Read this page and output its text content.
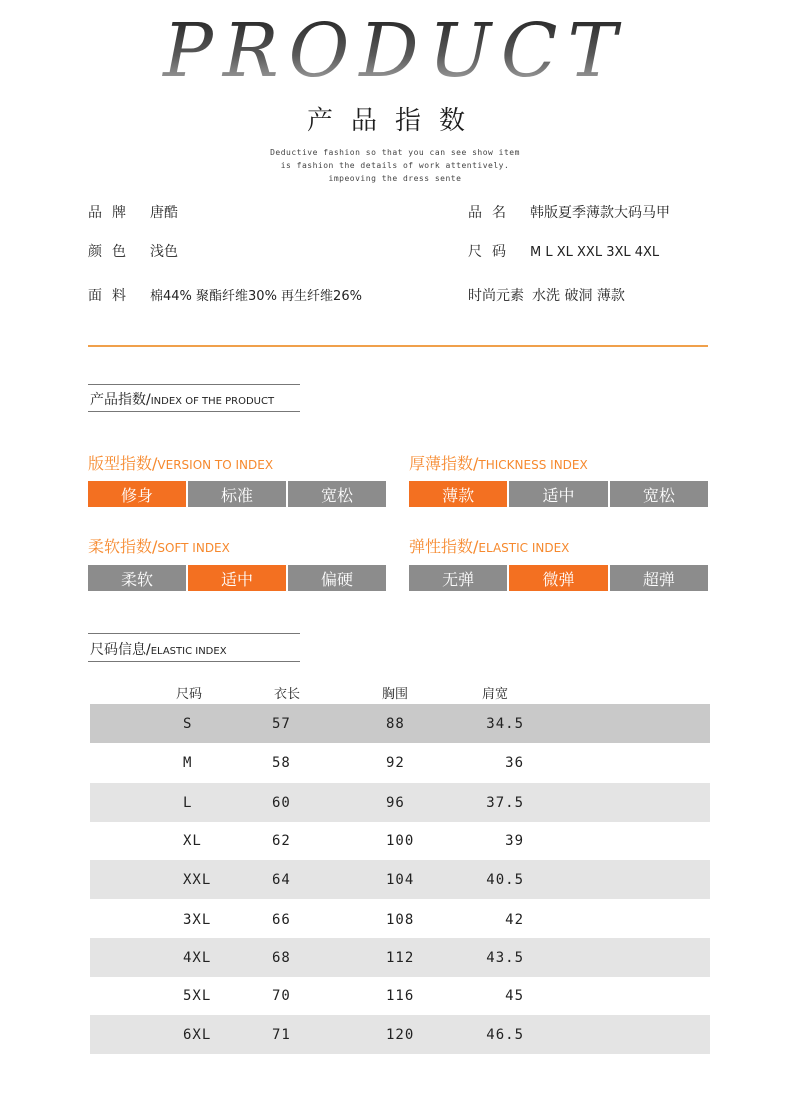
PRODUCT
产品指数
Deductive fashion so that you can see show item
is fashion the details of work attentively.
impeoving the dress sente
品牌 唐酷	品名 韩版夏季薄款大码马甲
颜色 浅色	尺码 M L XL XXL 3XL 4XL
面料 棉44% 聚酯纤维30% 再生纤维26%	时尚元素 水洗 破洞 薄款
产品指数/INDEX OF THE PRODUCT
版型指数/VERSION TO INDEX
修身	标准	宽松
厚薄指数/THICKNESS INDEX
薄款	适中	宽松
柔软指数/SOFT INDEX
柔软	适中	偏硬
弹性指数/ELASTIC INDEX
无弹	微弹	超弹
尺码信息/ELASTIC INDEX
尺码	衣长	胸围	肩宽
S	57	88	34.5
M	58	92	36
L	60	96	37.5
XL	62	100	39
XXL	64	104	40.5
3XL	66	108	42
4XL	68	112	43.5
5XL	70	116	45
6XL	71	120	46.5
